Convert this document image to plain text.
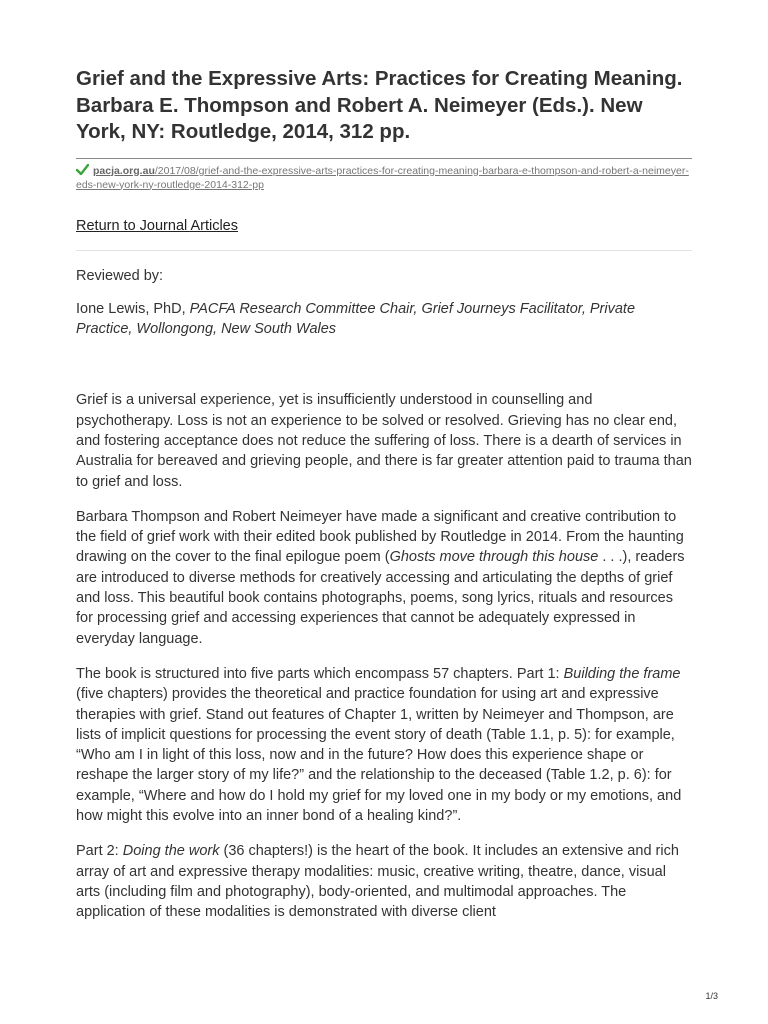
Grief and the Expressive Arts: Practices for Creating Meaning. Barbara E. Thompson and Robert A. Neimeyer (Eds.). New York, NY: Routledge, 2014, 312 pp.
pacja.org.au/2017/08/grief-and-the-expressive-arts-practices-for-creating-meaning-barbara-e-thompson-and-robert-a-neimeyer-eds-new-york-ny-routledge-2014-312-pp
Return to Journal Articles

Reviewed by:

Ione Lewis, PhD, PACFA Research Committee Chair, Grief Journeys Facilitator, Private Practice, Wollongong, New South Wales

Grief is a universal experience, yet is insufficiently understood in counselling and psychotherapy. Loss is not an experience to be solved or resolved. Grieving has no clear end, and fostering acceptance does not reduce the suffering of loss. There is a dearth of services in Australia for bereaved and grieving people, and there is far greater attention paid to trauma than to grief and loss.

Barbara Thompson and Robert Neimeyer have made a significant and creative contribution to the field of grief work with their edited book published by Routledge in 2014. From the haunting drawing on the cover to the final epilogue poem (Ghosts move through this house . . .), readers are introduced to diverse methods for creatively accessing and articulating the depths of grief and loss. This beautiful book contains photographs, poems, song lyrics, rituals and resources for processing grief and accessing experiences that cannot be adequately expressed in everyday language.

The book is structured into five parts which encompass 57 chapters. Part 1: Building the frame (five chapters) provides the theoretical and practice foundation for using art and expressive therapies with grief. Stand out features of Chapter 1, written by Neimeyer and Thompson, are lists of implicit questions for processing the event story of death (Table 1.1, p. 5): for example, “Who am I in light of this loss, now and in the future? How does this experience shape or reshape the larger story of my life?” and the relationship to the deceased (Table 1.2, p. 6): for example, “Where and how do I hold my grief for my loved one in my body or my emotions, and how might this evolve into an inner bond of a healing kind?”.

Part 2: Doing the work (36 chapters!) is the heart of the book. It includes an extensive and rich array of art and expressive therapy modalities: music, creative writing, theatre, dance, visual arts (including film and photography), body-oriented, and multimodal approaches. The application of these modalities is demonstrated with diverse client

1/3
